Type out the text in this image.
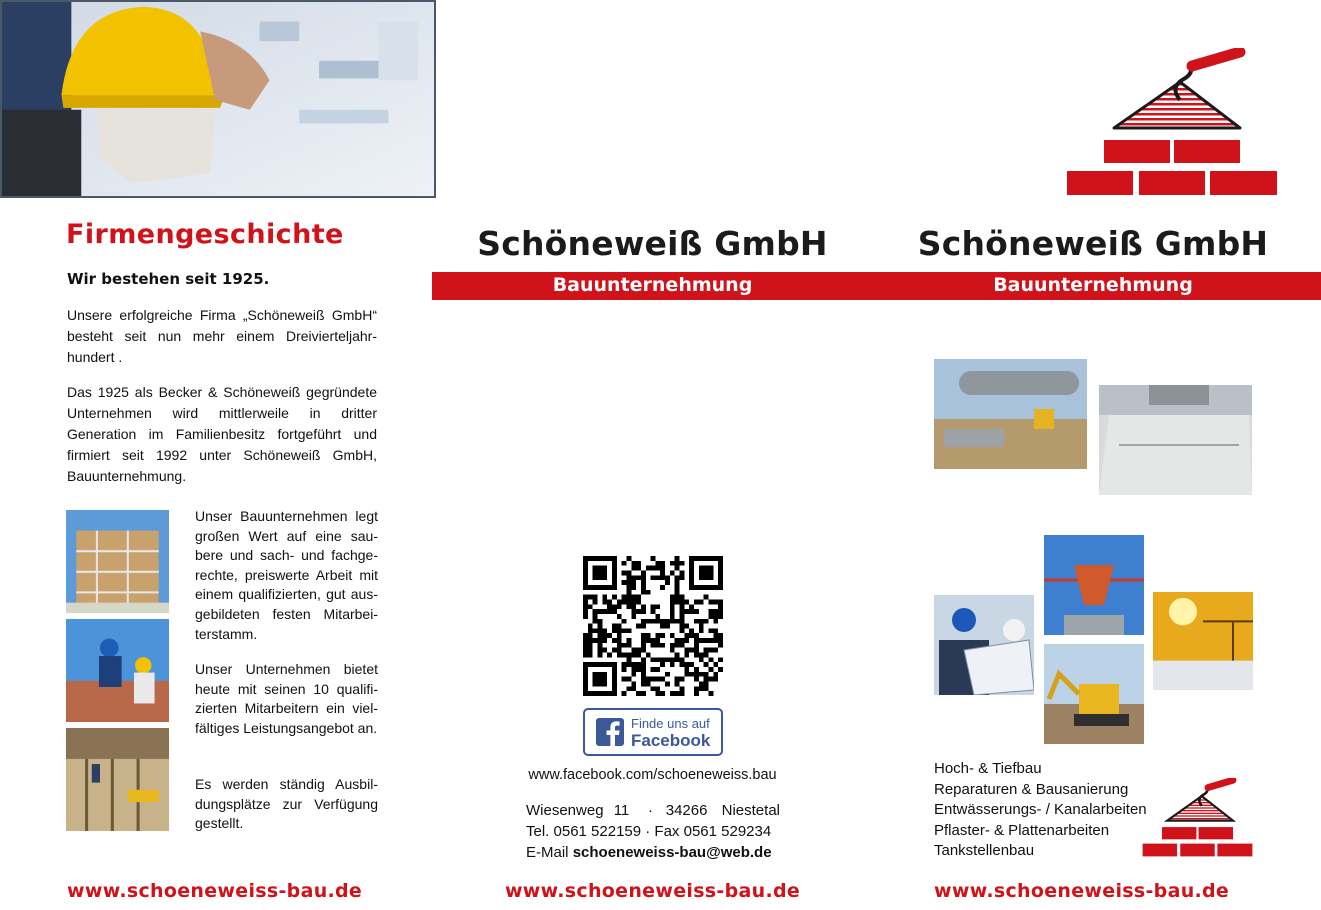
Firmengeschichte
Wir bestehen seit 1925.
Unsere erfolgreiche Firma „Schöneweiß GmbH“ besteht seit nun mehr einem Dreivierteljahrhundert .
Das 1925 als Becker & Schöneweiß gegründete Unternehmen wird mittlerweile in dritter Generation im Familienbesitz fortgeführt und firmiert seit 1992 unter Schöneweiß GmbH, Bauunternehmung.
Unser Bauunternehmen legt großen Wert auf eine saubere und sach- und fachgerechte, preiswerte Arbeit mit einem qualifizierten, gut ausgebildeten festen Mitarbeiterstamm.
Unser Unternehmen bietet heute mit seinen 10 qualifizierten Mitarbeitern ein vielfältiges Leistungsangebot an.
Es werden ständig Ausbildungsplätze zur Verfügung gestellt.
www.schoeneweiss-bau.de
Schöneweiß GmbH
Bauunternehmung
Finde uns auf
Facebook
www.facebook.com/schoeneweiss.bau
Wiesenweg 11 · 34266 Niestetal
Tel. 0561 522159 · Fax 0561 529234
E-Mail schoeneweiss-bau@web.de
www.schoeneweiss-bau.de
Schöneweiß GmbH
Bauunternehmung
Hoch- & Tiefbau
Reparaturen & Bausanierung
Entwässerungs- / Kanalarbeiten
Pflaster- & Plattenarbeiten
Tankstellenbau
www.schoeneweiss-bau.de
